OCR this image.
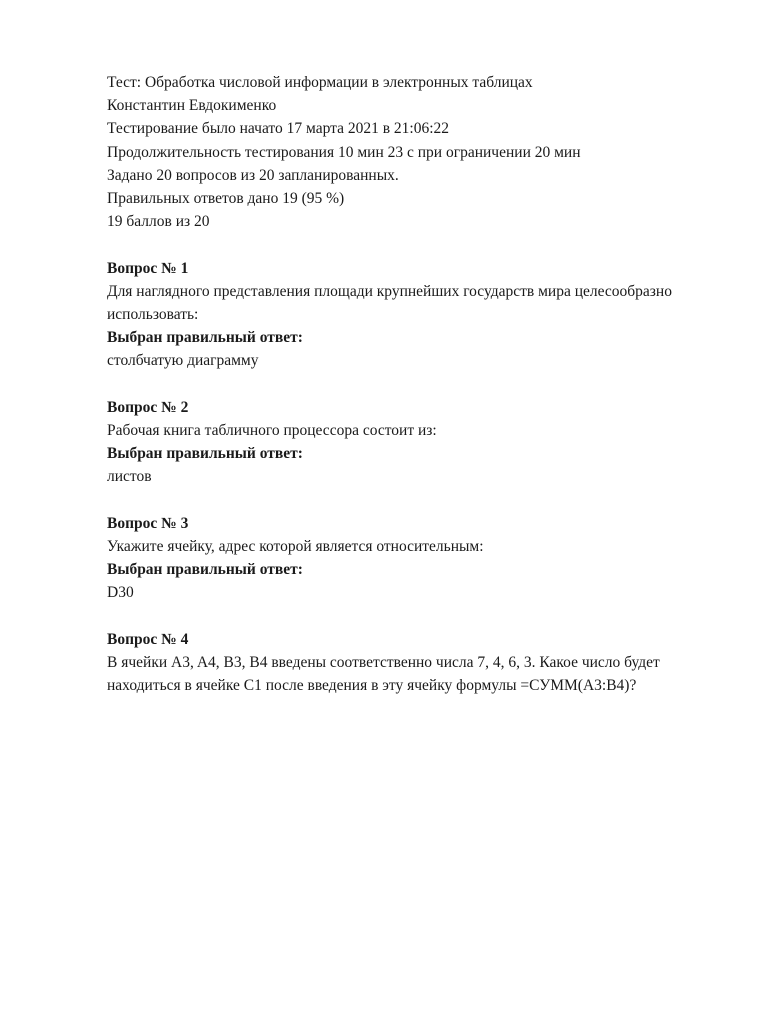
Тест: Обработка числовой информации в электронных таблицах
Константин Евдокименко
Тестирование было начато 17 марта 2021 в 21:06:22
Продолжительность тестирования 10 мин 23 с при ограничении 20 мин
Задано 20 вопросов из 20 запланированных.
Правильных ответов дано 19 (95 %)
19 баллов из 20
Вопрос № 1
Для наглядного представления площади крупнейших государств мира целесообразно
использовать:
Выбран правильный ответ:
столбчатую диаграмму
Вопрос № 2
Рабочая книга табличного процессора состоит из:
Выбран правильный ответ:
листов
Вопрос № 3
Укажите ячейку, адрес которой является относительным:
Выбран правильный ответ:
D30
Вопрос № 4
В ячейки A3, A4, B3, B4 введены соответственно числа 7, 4, 6, 3. Какое число будет
находиться в ячейке C1 после введения в эту ячейку формулы =СУММ(A3:B4)?
